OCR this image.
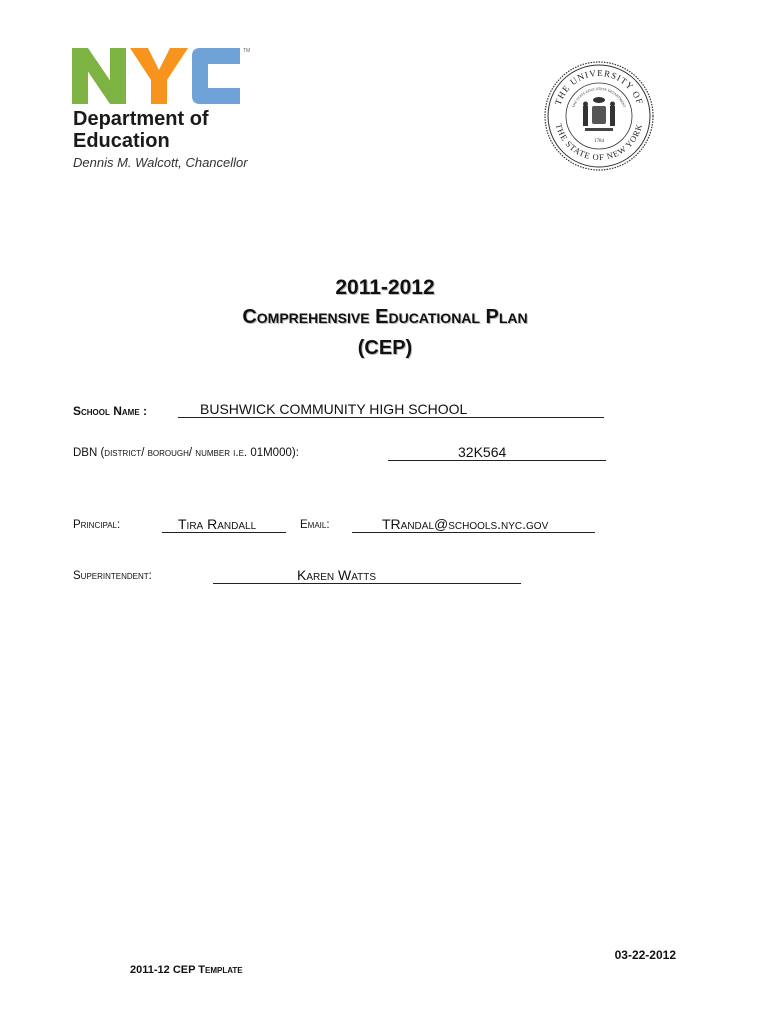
TM
Department of
Education
Dennis M. Walcott, Chancellor
THE UNIVERSITY OF
THE STATE OF NEW YORK
THE STATE EDUCATION DEPARTMENT
1784
2011-2012
Comprehensive Educational Plan
(CEP)
School Name :	BUSHWICK COMMUNITY HIGH SCHOOL
DBN (district/ borough/ number i.e. 01M000):	32K564
Principal:	Tira Randall	Email:	TRandal@schools.nyc.gov
Superintendent:	Karen Watts
03-22-2012
2011-12 CEP Template
